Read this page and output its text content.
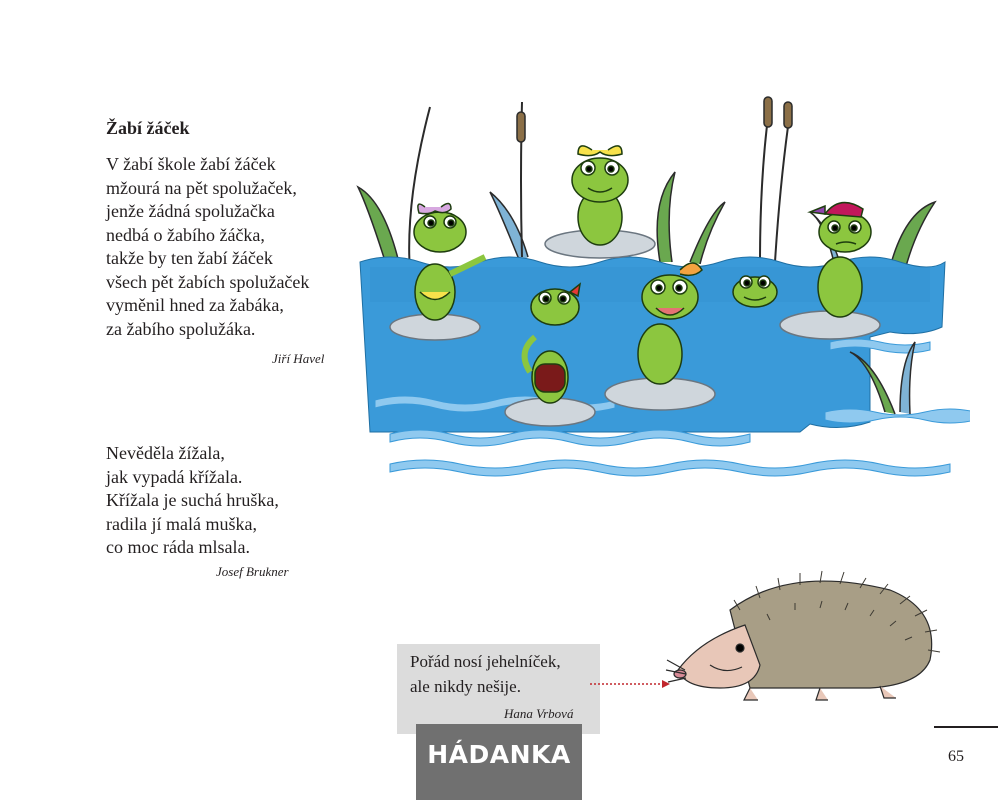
Žabí žáček
V žabí škole žabí žáček
mžourá na pět spolužaček,
jenže žádná spolužačka
nedbá o žabího žáčka,
takže by ten žabí žáček
všech pět žabích spolužaček
vyměnil hned za žabáka,
za žabího spolužáka.
Jiří Havel
Nevěděla žížala,
jak vypadá křížala.
Křížala je suchá hruška,
radila jí malá muška,
co moc ráda mlsala.
Josef Brukner
Pořád nosí jehelníček,
ale nikdy nešije.
Hana Vrbová
HÁDANKA	65
